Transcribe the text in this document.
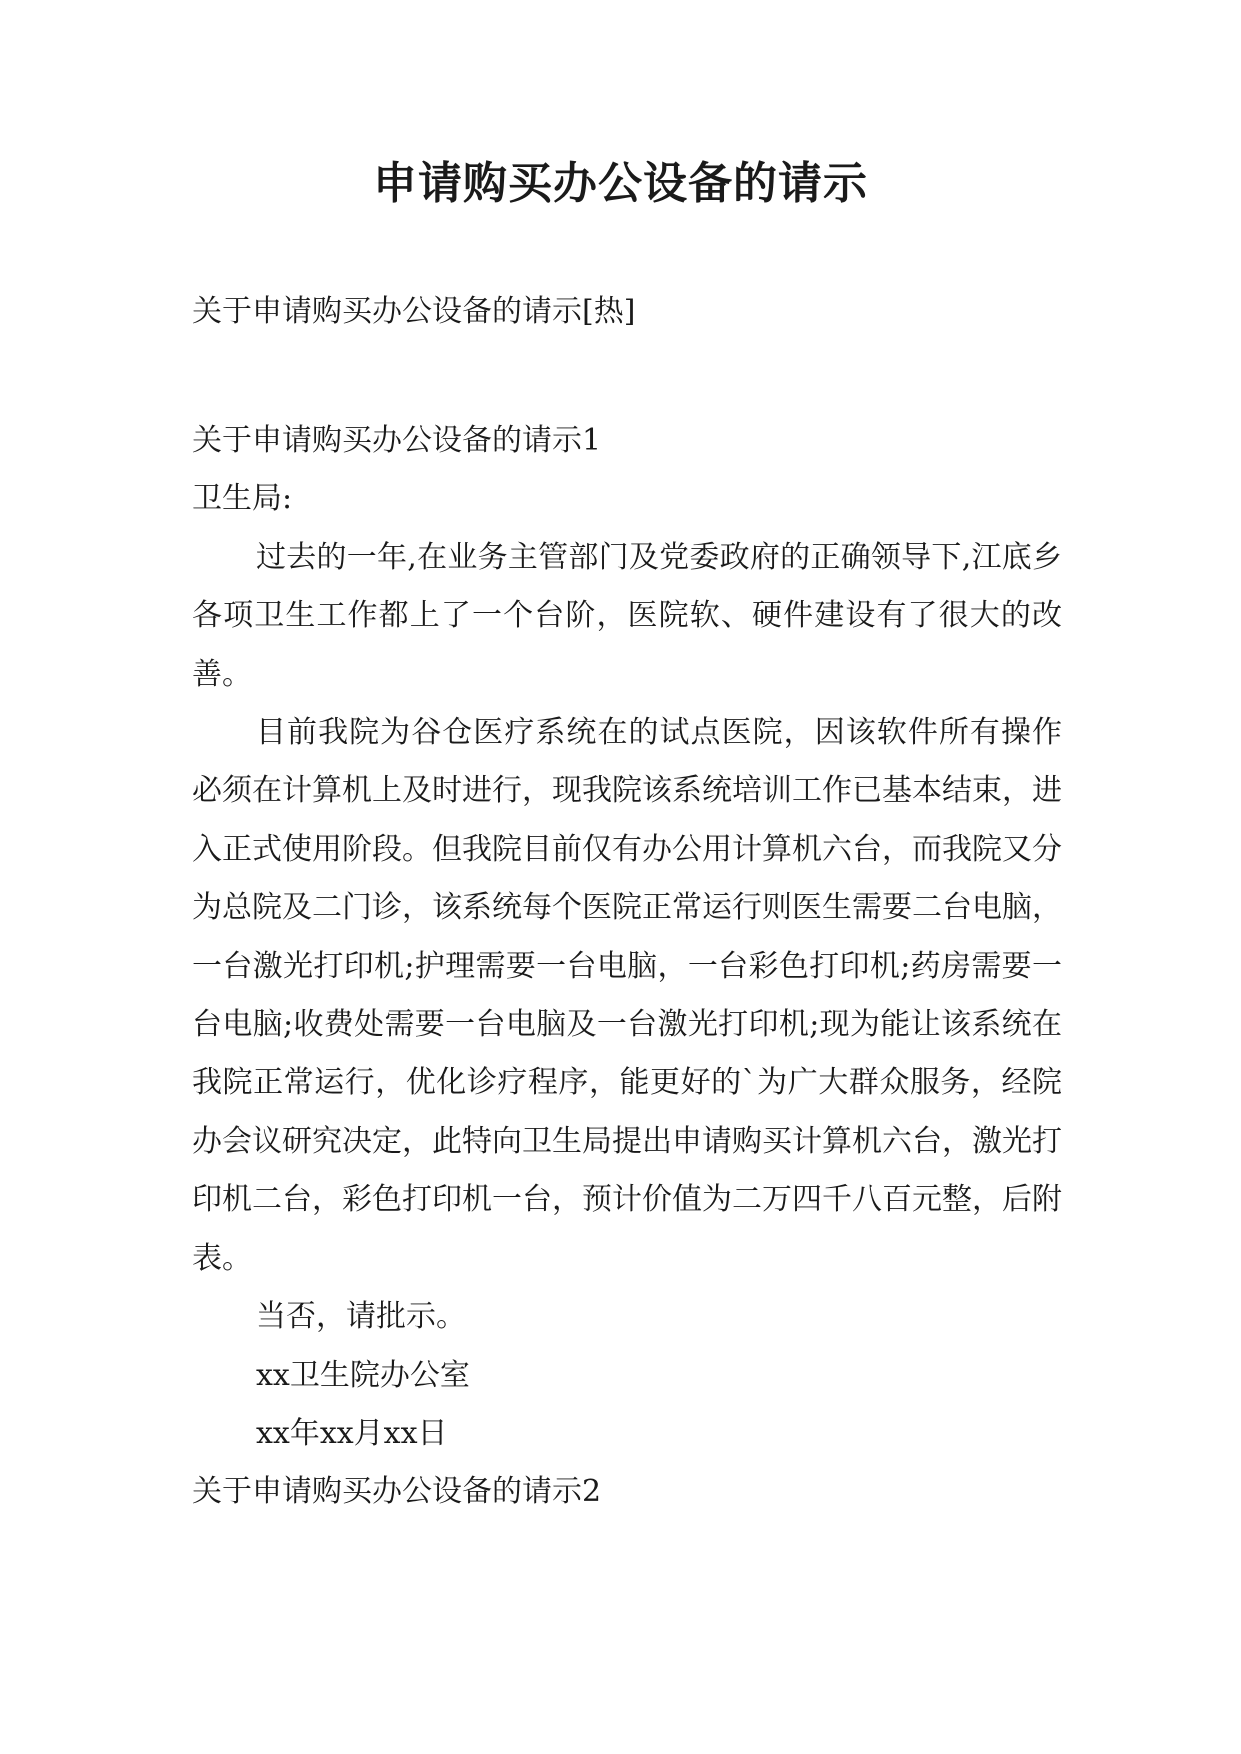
申请购买办公设备的请示

关于申请购买办公设备的请示[热]

关于申请购买办公设备的请示1

卫生局:

过去的一年,在业务主管部门及党委政府的正确领导下,江底乡各项卫生工作都上了一个台阶，医院软、硬件建设有了很大的改善。

目前我院为谷仓医疗系统在的试点医院，因该软件所有操作必须在计算机上及时进行，现我院该系统培训工作已基本结束，进入正式使用阶段。但我院目前仅有办公用计算机六台，而我院又分为总院及二门诊，该系统每个医院正常运行则医生需要二台电脑，一台激光打印机;护理需要一台电脑，一台彩色打印机;药房需要一台电脑;收费处需要一台电脑及一台激光打印机;现为能让该系统在我院正常运行，优化诊疗程序，能更好的`为广大群众服务，经院办会议研究决定，此特向卫生局提出申请购买计算机六台，激光打印机二台，彩色打印机一台，预计价值为二万四千八百元整，后附表。

当否，请批示。

xx卫生院办公室

xx年xx月xx日

关于申请购买办公设备的请示2
